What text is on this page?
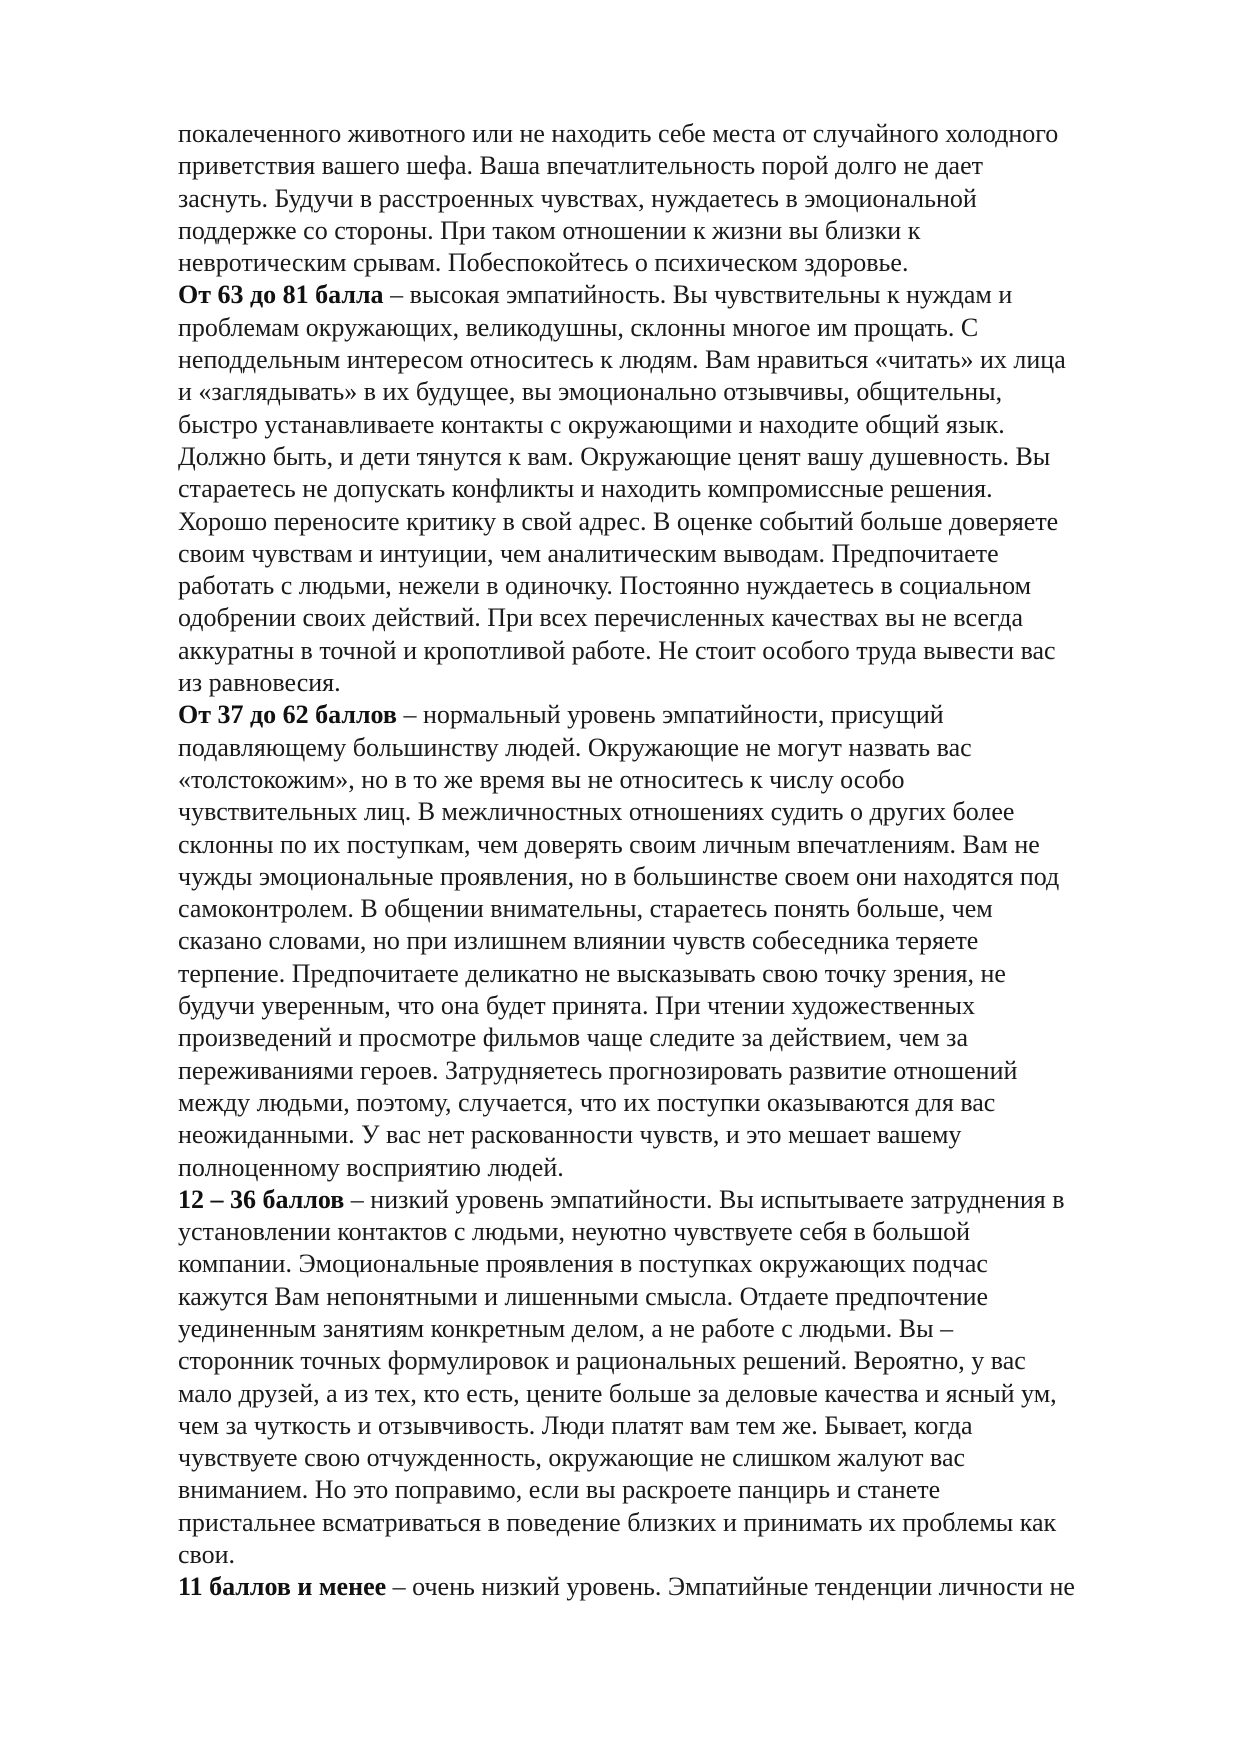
покалеченного животного или не находить себе места от случайного холодного
приветствия вашего шефа. Ваша впечатлительность порой долго не дает
заснуть. Будучи в расстроенных чувствах, нуждаетесь в эмоциональной
поддержке со стороны. При таком отношении к жизни вы близки к
невротическим срывам. Побеспокойтесь о психическом здоровье.
От 63 до 81 балла – высокая эмпатийность. Вы чувствительны к нуждам и
проблемам окружающих, великодушны, склонны многое им прощать. С
неподдельным интересом относитесь к людям. Вам нравиться «читать» их лица
и «заглядывать» в их будущее, вы эмоционально отзывчивы, общительны,
быстро устанавливаете контакты с окружающими и находите общий язык.
Должно быть, и дети тянутся к вам. Окружающие ценят вашу душевность. Вы
стараетесь не допускать конфликты и находить компромиссные решения.
Хорошо переносите критику в свой адрес. В оценке событий больше доверяете
своим чувствам и интуиции, чем аналитическим выводам. Предпочитаете
работать с людьми, нежели в одиночку. Постоянно нуждаетесь в социальном
одобрении своих действий. При всех перечисленных качествах вы не всегда
аккуратны в точной и кропотливой работе. Не стоит особого труда вывести вас
из равновесия.
От 37 до 62 баллов – нормальный уровень эмпатийности, присущий
подавляющему большинству людей. Окружающие не могут назвать вас
«толстокожим», но в то же время вы не относитесь к числу особо
чувствительных лиц. В межличностных отношениях судить о других более
склонны по их поступкам, чем доверять своим личным впечатлениям. Вам не
чужды эмоциональные проявления, но в большинстве своем они находятся под
самоконтролем. В общении внимательны, стараетесь понять больше, чем
сказано словами, но при излишнем влиянии чувств собеседника теряете
терпение. Предпочитаете деликатно не высказывать свою точку зрения, не
будучи уверенным, что она будет принята. При чтении художественных
произведений и просмотре фильмов чаще следите за действием, чем за
переживаниями героев. Затрудняетесь прогнозировать развитие отношений
между людьми, поэтому, случается, что их поступки оказываются для вас
неожиданными. У вас нет раскованности чувств, и это мешает вашему
полноценному восприятию людей.
12 – 36 баллов – низкий уровень эмпатийности. Вы испытываете затруднения в
установлении контактов с людьми, неуютно чувствуете себя в большой
компании. Эмоциональные проявления в поступках окружающих подчас
кажутся Вам непонятными и лишенными смысла. Отдаете предпочтение
уединенным занятиям конкретным делом, а не работе с людьми. Вы –
сторонник точных формулировок и рациональных решений. Вероятно, у вас
мало друзей, а из тех, кто есть, цените больше за деловые качества и ясный ум,
чем за чуткость и отзывчивость. Люди платят вам тем же. Бывает, когда
чувствуете свою отчужденность, окружающие не слишком жалуют вас
вниманием. Но это поправимо, если вы раскроете панцирь и станете
пристальнее всматриваться в поведение близких и принимать их проблемы как
свои.
11 баллов и менее – очень низкий уровень. Эмпатийные тенденции личности не
